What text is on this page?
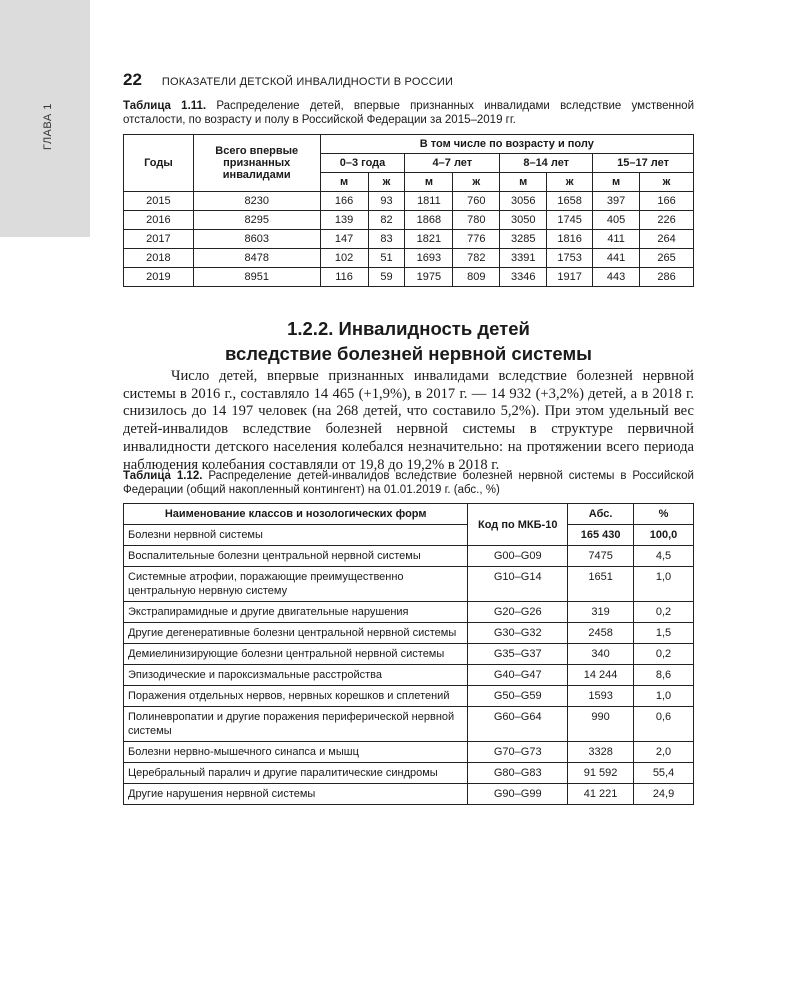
ГЛАВА 1
22 ПОКАЗАТЕЛИ ДЕТСКОЙ ИНВАЛИДНОСТИ В РОССИИ
Таблица 1.11. Распределение детей, впервые признанных инвалидами вследствие умственной отсталости, по возрасту и полу в Российской Федерации за 2015–2019 гг.
Годы	Всего впервые признанных инвалидами	В том числе по возрасту и полу							
		0–3 года		4–7 лет		8–14 лет		15–17 лет	
		м	ж	м	ж	м	ж	м	ж
2015	8230	166	93	1811	760	3056	1658	397	166
2016	8295	139	82	1868	780	3050	1745	405	226
2017	8603	147	83	1821	776	3285	1816	411	264
2018	8478	102	51	1693	782	3391	1753	441	265
2019	8951	116	59	1975	809	3346	1917	443	286
1.2.2. Инвалидность детей
вследствие болезней нервной системы
Число детей, впервые признанных инвалидами вследствие болезней нервной системы в 2016 г., составляло 14 465 (+1,9%), в 2017 г. — 14 932 (+3,2%) детей, а в 2018 г. снизилось до 14 197 человек (на 268 детей, что составило 5,2%). При этом удельный вес детей-инвалидов вследствие болезней нервной системы в структуре первичной инвалидности детского населения колебался незначительно: на протяжении всего периода наблюдения колебания составляли от 19,8 до 19,2% в 2018 г.
Таблица 1.12. Распределение детей-инвалидов вследствие болезней нервной системы в Российской Федерации (общий накопленный контингент) на 01.01.2019 г. (абс., %)
Наименование классов и нозологических форм	Код по МКБ-10	Абс.	%
Болезни нервной системы		165 430	100,0
Воспалительные болезни центральной нервной системы	G00–G09	7475	4,5
Системные атрофии, поражающие преимущественно центральную нервную систему	G10–G14	1651	1,0
Экстрапирамидные и другие двигательные нарушения	G20–G26	319	0,2
Другие дегенеративные болезни центральной нервной системы	G30–G32	2458	1,5
Демиелинизирующие болезни центральной нервной системы	G35–G37	340	0,2
Эпизодические и пароксизмальные расстройства	G40–G47	14 244	8,6
Поражения отдельных нервов, нервных корешков и сплетений	G50–G59	1593	1,0
Полиневропатии и другие поражения периферической нервной системы	G60–G64	990	0,6
Болезни нервно-мышечного синапса и мышц	G70–G73	3328	2,0
Церебральный паралич и другие паралитические синдромы	G80–G83	91 592	55,4
Другие нарушения нервной системы	G90–G99	41 221	24,9
